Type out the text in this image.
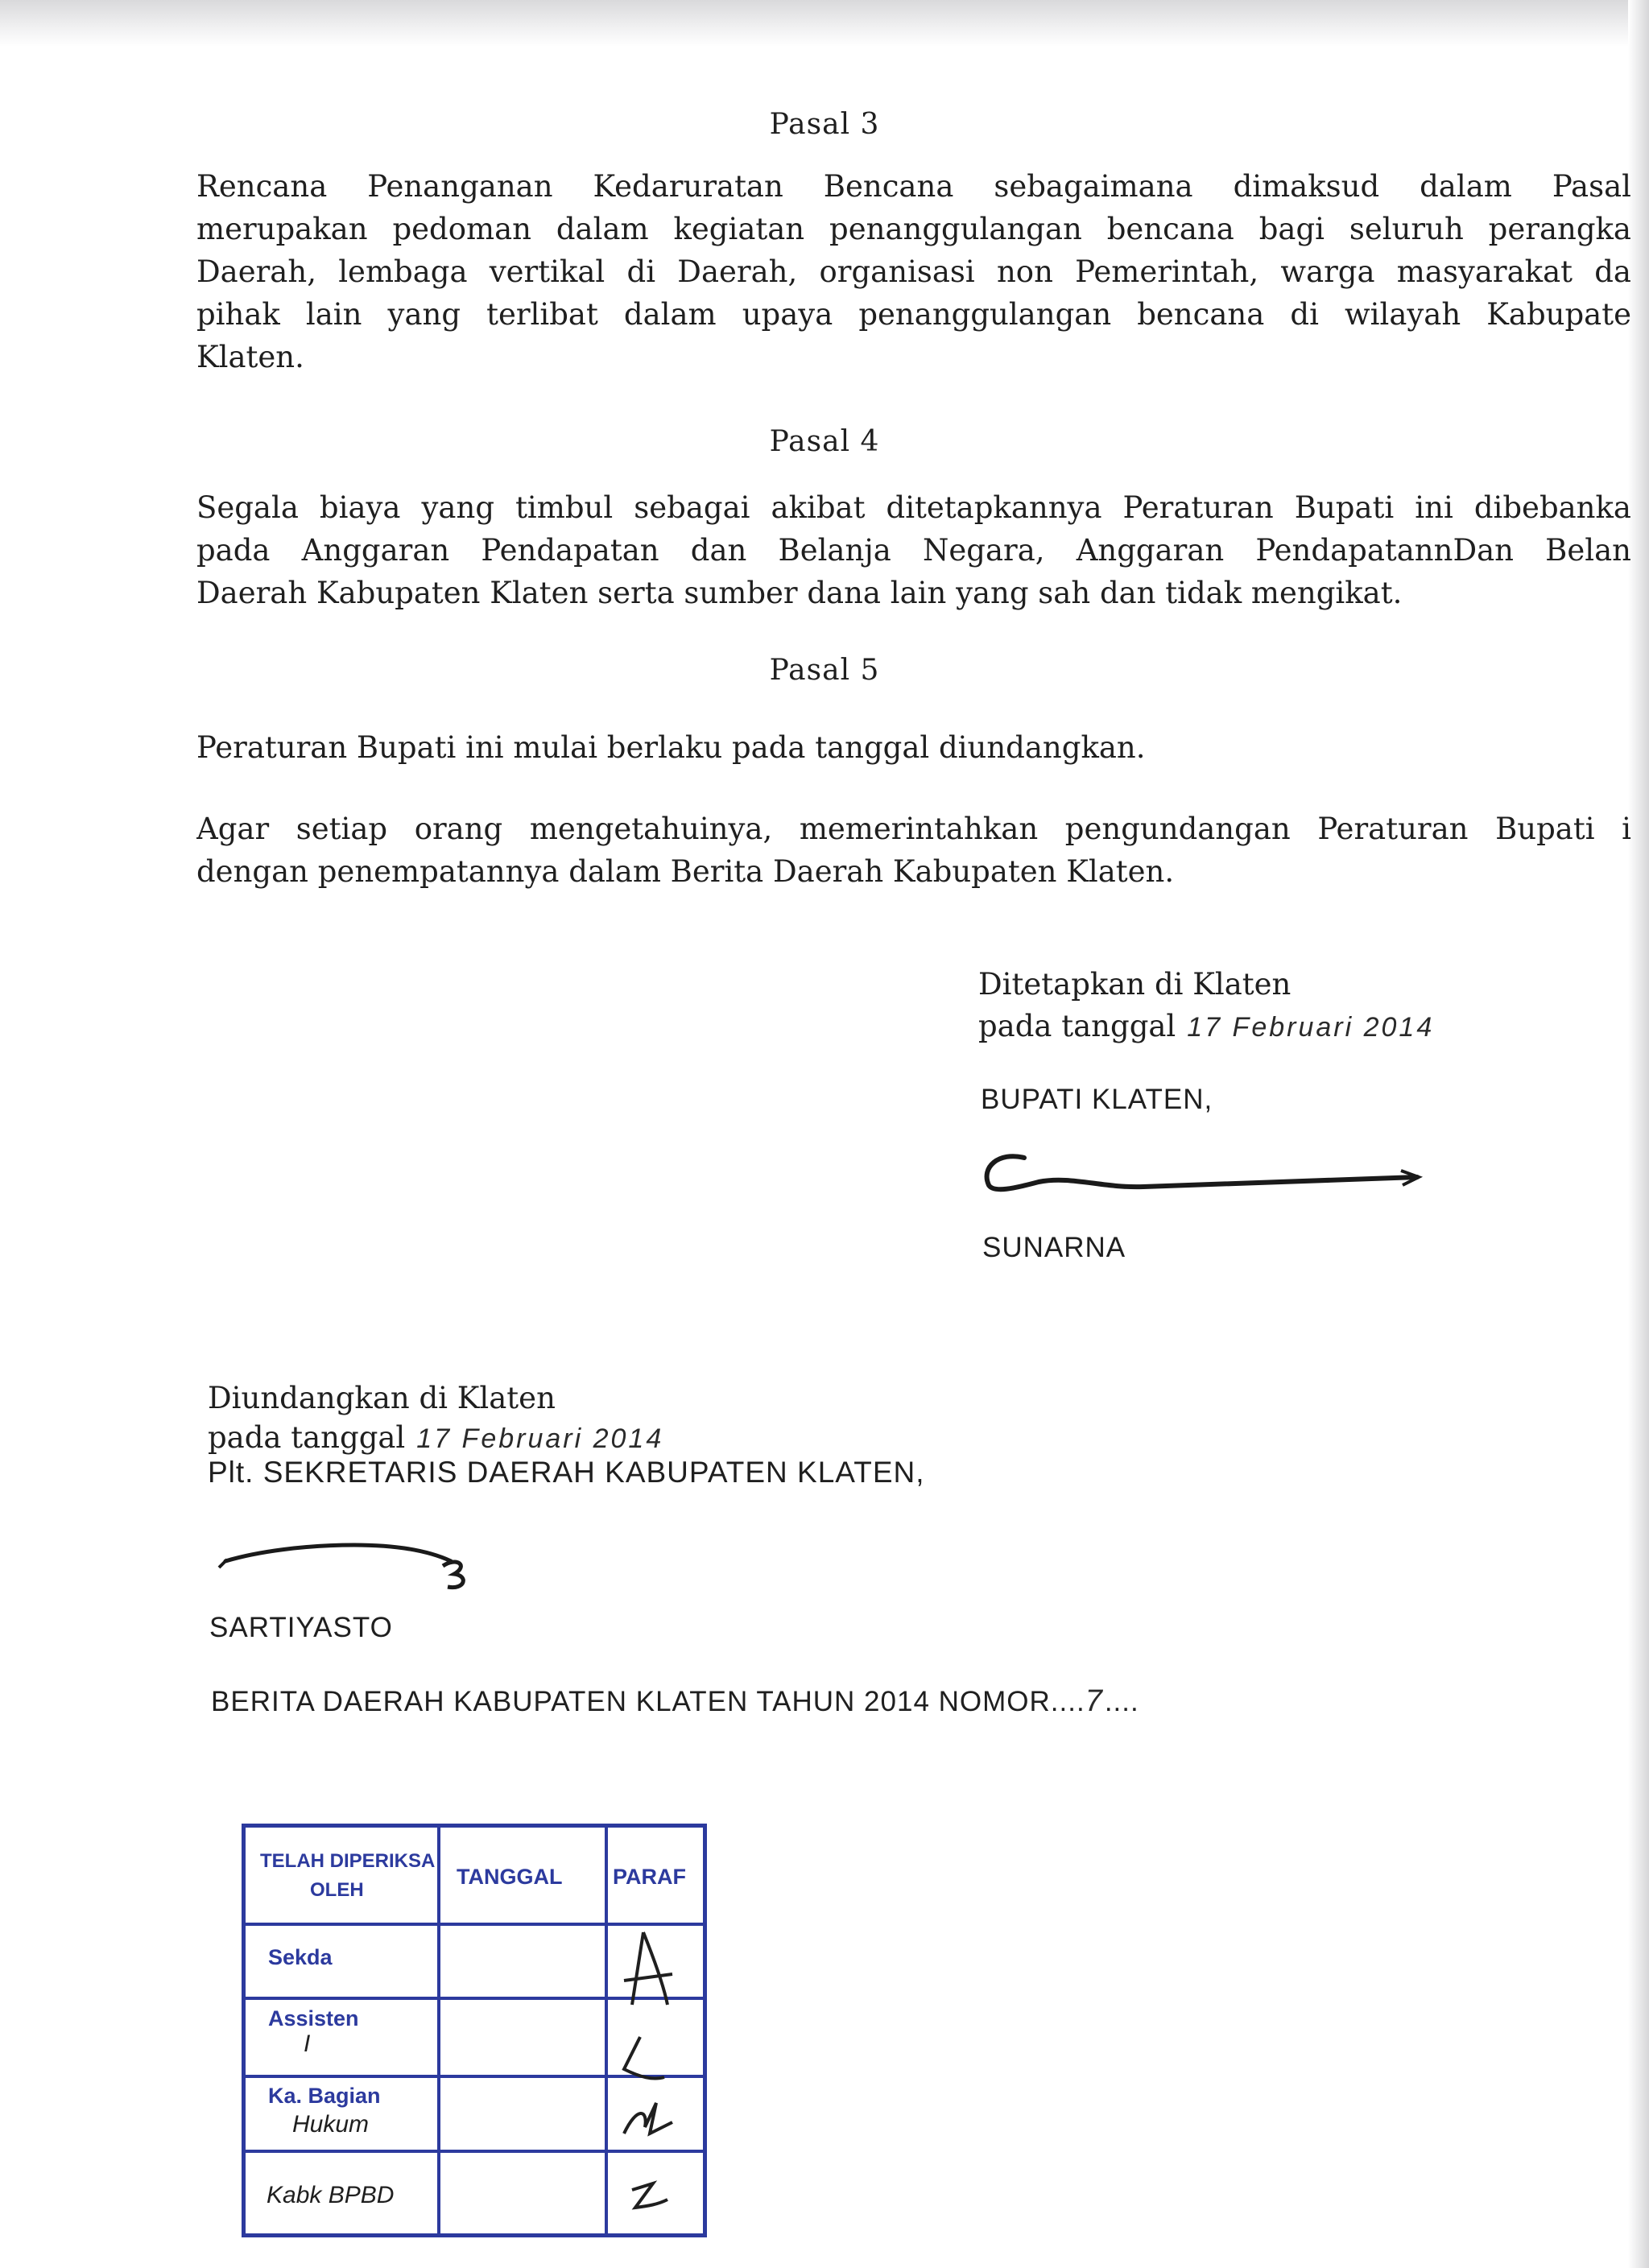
Pasal 3
Rencana Penanganan Kedaruratan Bencana sebagaimana dimaksud dalam Pasal
merupakan pedoman dalam kegiatan penanggulangan bencana bagi seluruh perangka
Daerah, lembaga vertikal di Daerah, organisasi non Pemerintah, warga masyarakat da
pihak lain yang terlibat dalam upaya penanggulangan bencana di wilayah Kabupate
Klaten.
Pasal 4
Segala biaya yang timbul sebagai akibat ditetapkannya Peraturan Bupati ini dibebanka
pada Anggaran Pendapatan dan Belanja Negara, Anggaran PendapatannDan Belan
Daerah Kabupaten Klaten serta sumber dana lain yang sah dan tidak mengikat.
Pasal 5
Peraturan Bupati ini mulai berlaku pada tanggal diundangkan.
Agar setiap orang mengetahuinya, memerintahkan pengundangan Peraturan Bupati i
dengan penempatannya dalam Berita Daerah Kabupaten Klaten.
Ditetapkan di Klaten
pada tanggal 17 Februari 2014
BUPATI KLATEN,
SUNARNA
Diundangkan di Klaten
pada tanggal 17 Februari 2014
Plt. SEKRETARIS DAERAH KABUPATEN KLATEN,
SARTIYASTO
BERITA DAERAH KABUPATEN KLATEN TAHUN 2014 NOMOR....7....
TELAH DIPERIKSA
OLEH
TANGGAL PARAF
Sekda
Assisten
I
Ka. Bagian
Hukum
Kabk BPBD
